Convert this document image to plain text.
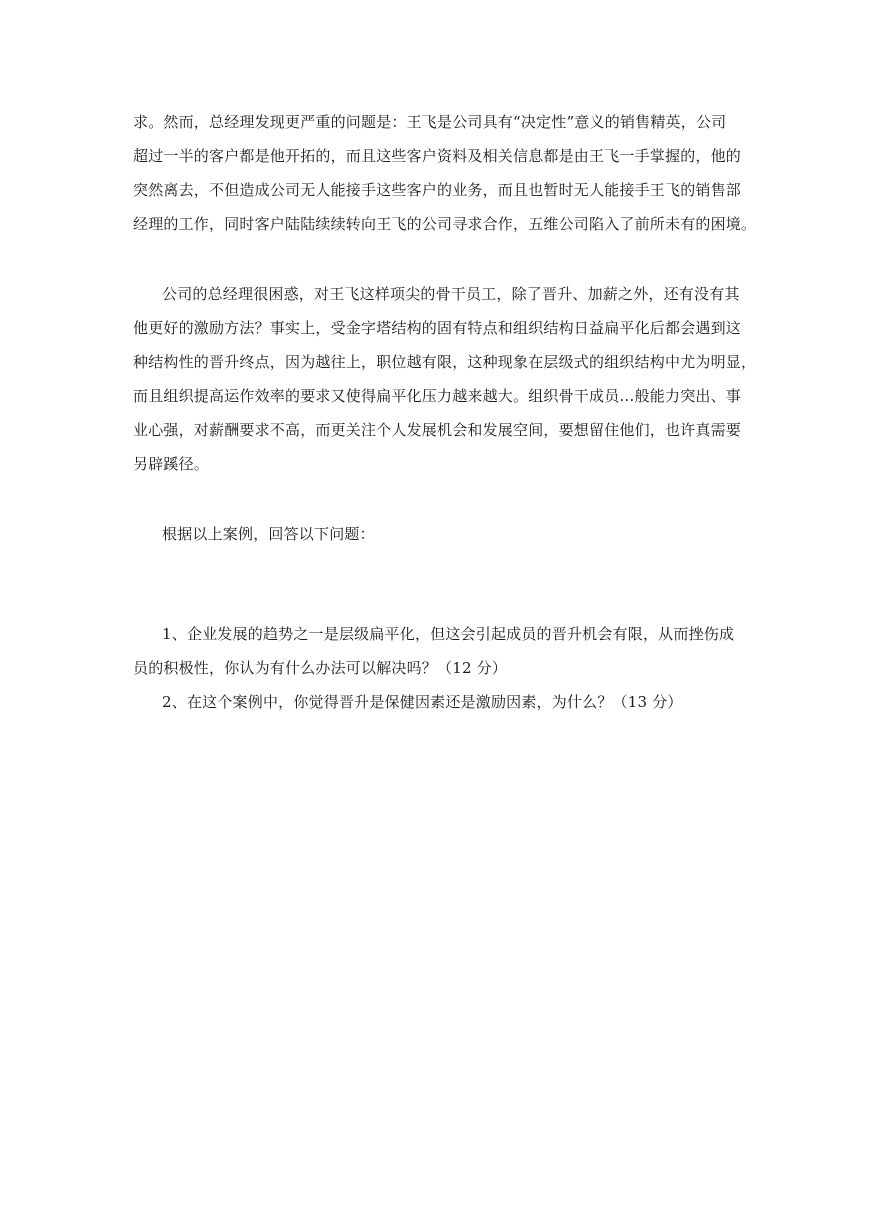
求。然而，总经理发现更严重的问题是：王飞是公司具有“决定性”意义的销售精英，公司
超过一半的客户都是他开拓的，而且这些客户资料及相关信息都是由王飞一手掌握的，他的
突然离去，不但造成公司无人能接手这些客户的业务，而且也暂时无人能接手王飞的销售部
经理的工作，同时客户陆陆续续转向王飞的公司寻求合作，五维公司陷入了前所未有的困境。

公司的总经理很困惑，对王飞这样项尖的骨干员工，除了晋升、加薪之外，还有没有其
他更好的激励方法？事实上，受金字塔结构的固有特点和组织结构日益扁平化后都会遇到这
种结构性的晋升终点，因为越往上，职位越有限，这种现象在层级式的组织结构中尤为明显，
而且组织提高运作效率的要求又使得扁平化压力越来越大。组织骨干成员…般能力突出、事
业心强，对薪酬要求不高，而更关注个人发展机会和发展空间，要想留住他们，也许真需要
另辟蹊径。

根据以上案例，回答以下问题：

1、企业发展的趋势之一是层级扁平化，但这会引起成员的晋升机会有限，从而挫伤成
员的积极性，你认为有什么办法可以解决吗？（12 分）

2、在这个案例中，你觉得晋升是保健因素还是激励因素，为什么？（13 分）
